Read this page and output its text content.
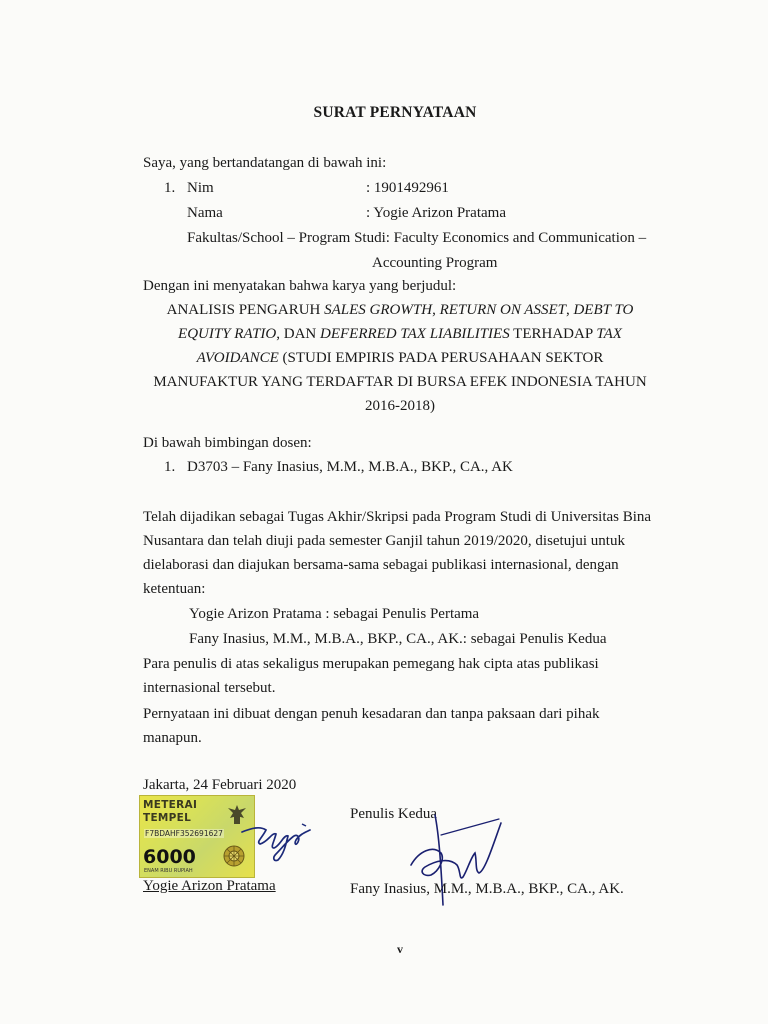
SURAT PERNYATAAN
Saya, yang bertandatangan di bawah ini:
1. Nim	: 1901492961
Nama	: Yogie Arizon Pratama
Fakultas/School – Program Studi: Faculty Economics and Communication –
Accounting Program
Dengan ini menyatakan bahwa karya yang berjudul:
ANALISIS PENGARUH SALES GROWTH, RETURN ON ASSET, DEBT TO
EQUITY RATIO, DAN DEFERRED TAX LIABILITIES TERHADAP TAX
AVOIDANCE (STUDI EMPIRIS PADA PERUSAHAAN SEKTOR
MANUFAKTUR YANG TERDAFTAR DI BURSA EFEK INDONESIA TAHUN
2016-2018)
Di bawah bimbingan dosen:
1. D3703 – Fany Inasius, M.M., M.B.A., BKP., CA., AK
Telah dijadikan sebagai Tugas Akhir/Skripsi pada Program Studi di Universitas Bina
Nusantara dan telah diuji pada semester Ganjil tahun 2019/2020, disetujui untuk
dielaborasi dan diajukan bersama-sama sebagai publikasi internasional, dengan
ketentuan:
Yogie Arizon Pratama : sebagai Penulis Pertama
Fany Inasius, M.M., M.B.A., BKP., CA., AK.: sebagai Penulis Kedua
Para penulis di atas sekaligus merupakan pemegang hak cipta atas publikasi
internasional tersebut.
Pernyataan ini dibuat dengan penuh kesadaran dan tanpa paksaan dari pihak
manapun.
Jakarta, 24 Februari 2020
METERAI
TEMPEL
F7BDAHF352691627
6000
ENAM RIBU RUPIAH
Yogie Arizon Pratama
Penulis Kedua
Fany Inasius, M.M., M.B.A., BKP., CA., AK.
v
